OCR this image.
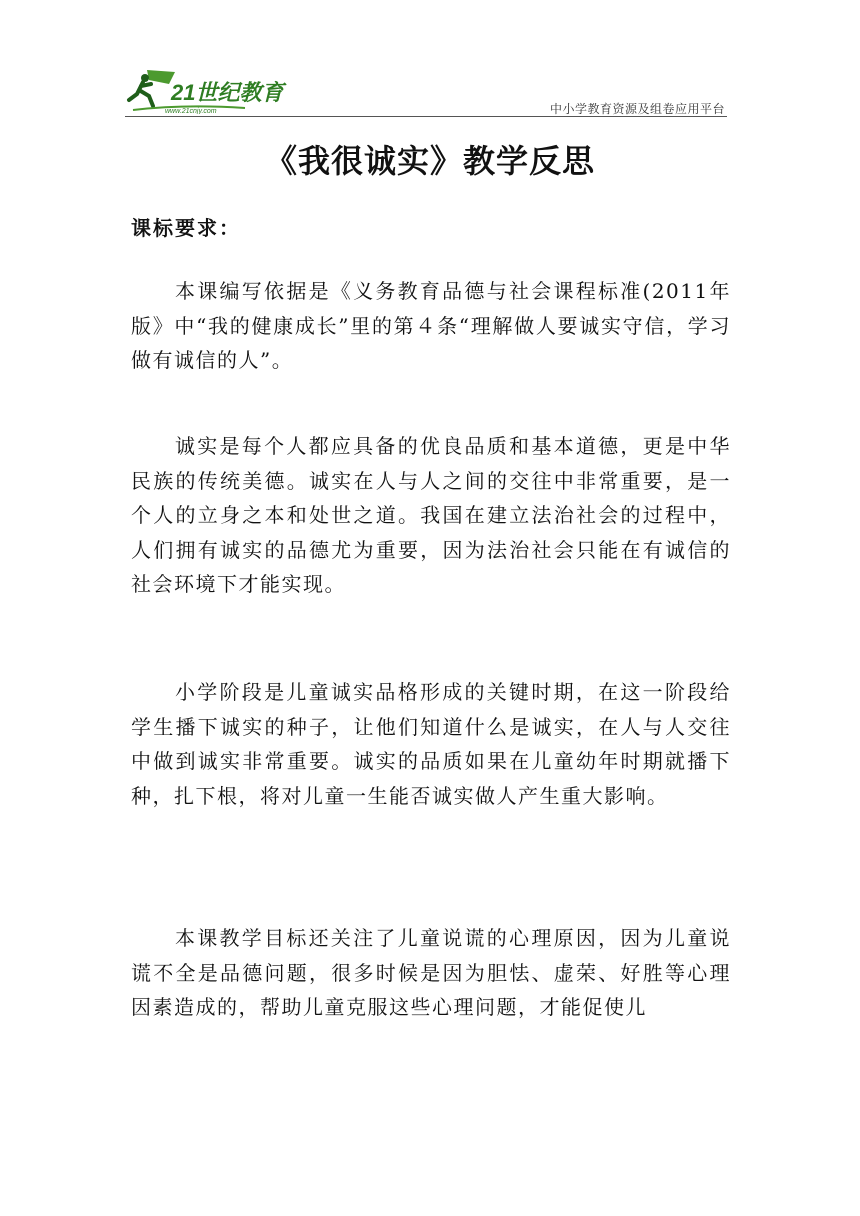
21世纪教育
www.21cnjy.com	中小学教育资源及组卷应用平台
《我很诚实》教学反思
课标要求：
本课编写依据是《义务教育品德与社会课程标准(2011年版》中“我的健康成长”里的第４条“理解做人要诚实守信，学习做有诚信的人”。
诚实是每个人都应具备的优良品质和基本道德，更是中华民族的传统美德。诚实在人与人之间的交往中非常重要，是一个人的立身之本和处世之道。我国在建立法治社会的过程中，人们拥有诚实的品德尤为重要，因为法治社会只能在有诚信的社会环境下才能实现。
小学阶段是儿童诚实品格形成的关键时期，在这一阶段给学生播下诚实的种子，让他们知道什么是诚实，在人与人交往中做到诚实非常重要。诚实的品质如果在儿童幼年时期就播下种，扎下根，将对儿童一生能否诚实做人产生重大影响。
本课教学目标还关注了儿童说谎的心理原因，因为儿童说谎不全是品德问题，很多时候是因为胆怯、虚荣、好胜等心理因素造成的，帮助儿童克服这些心理问题，才能促使儿
